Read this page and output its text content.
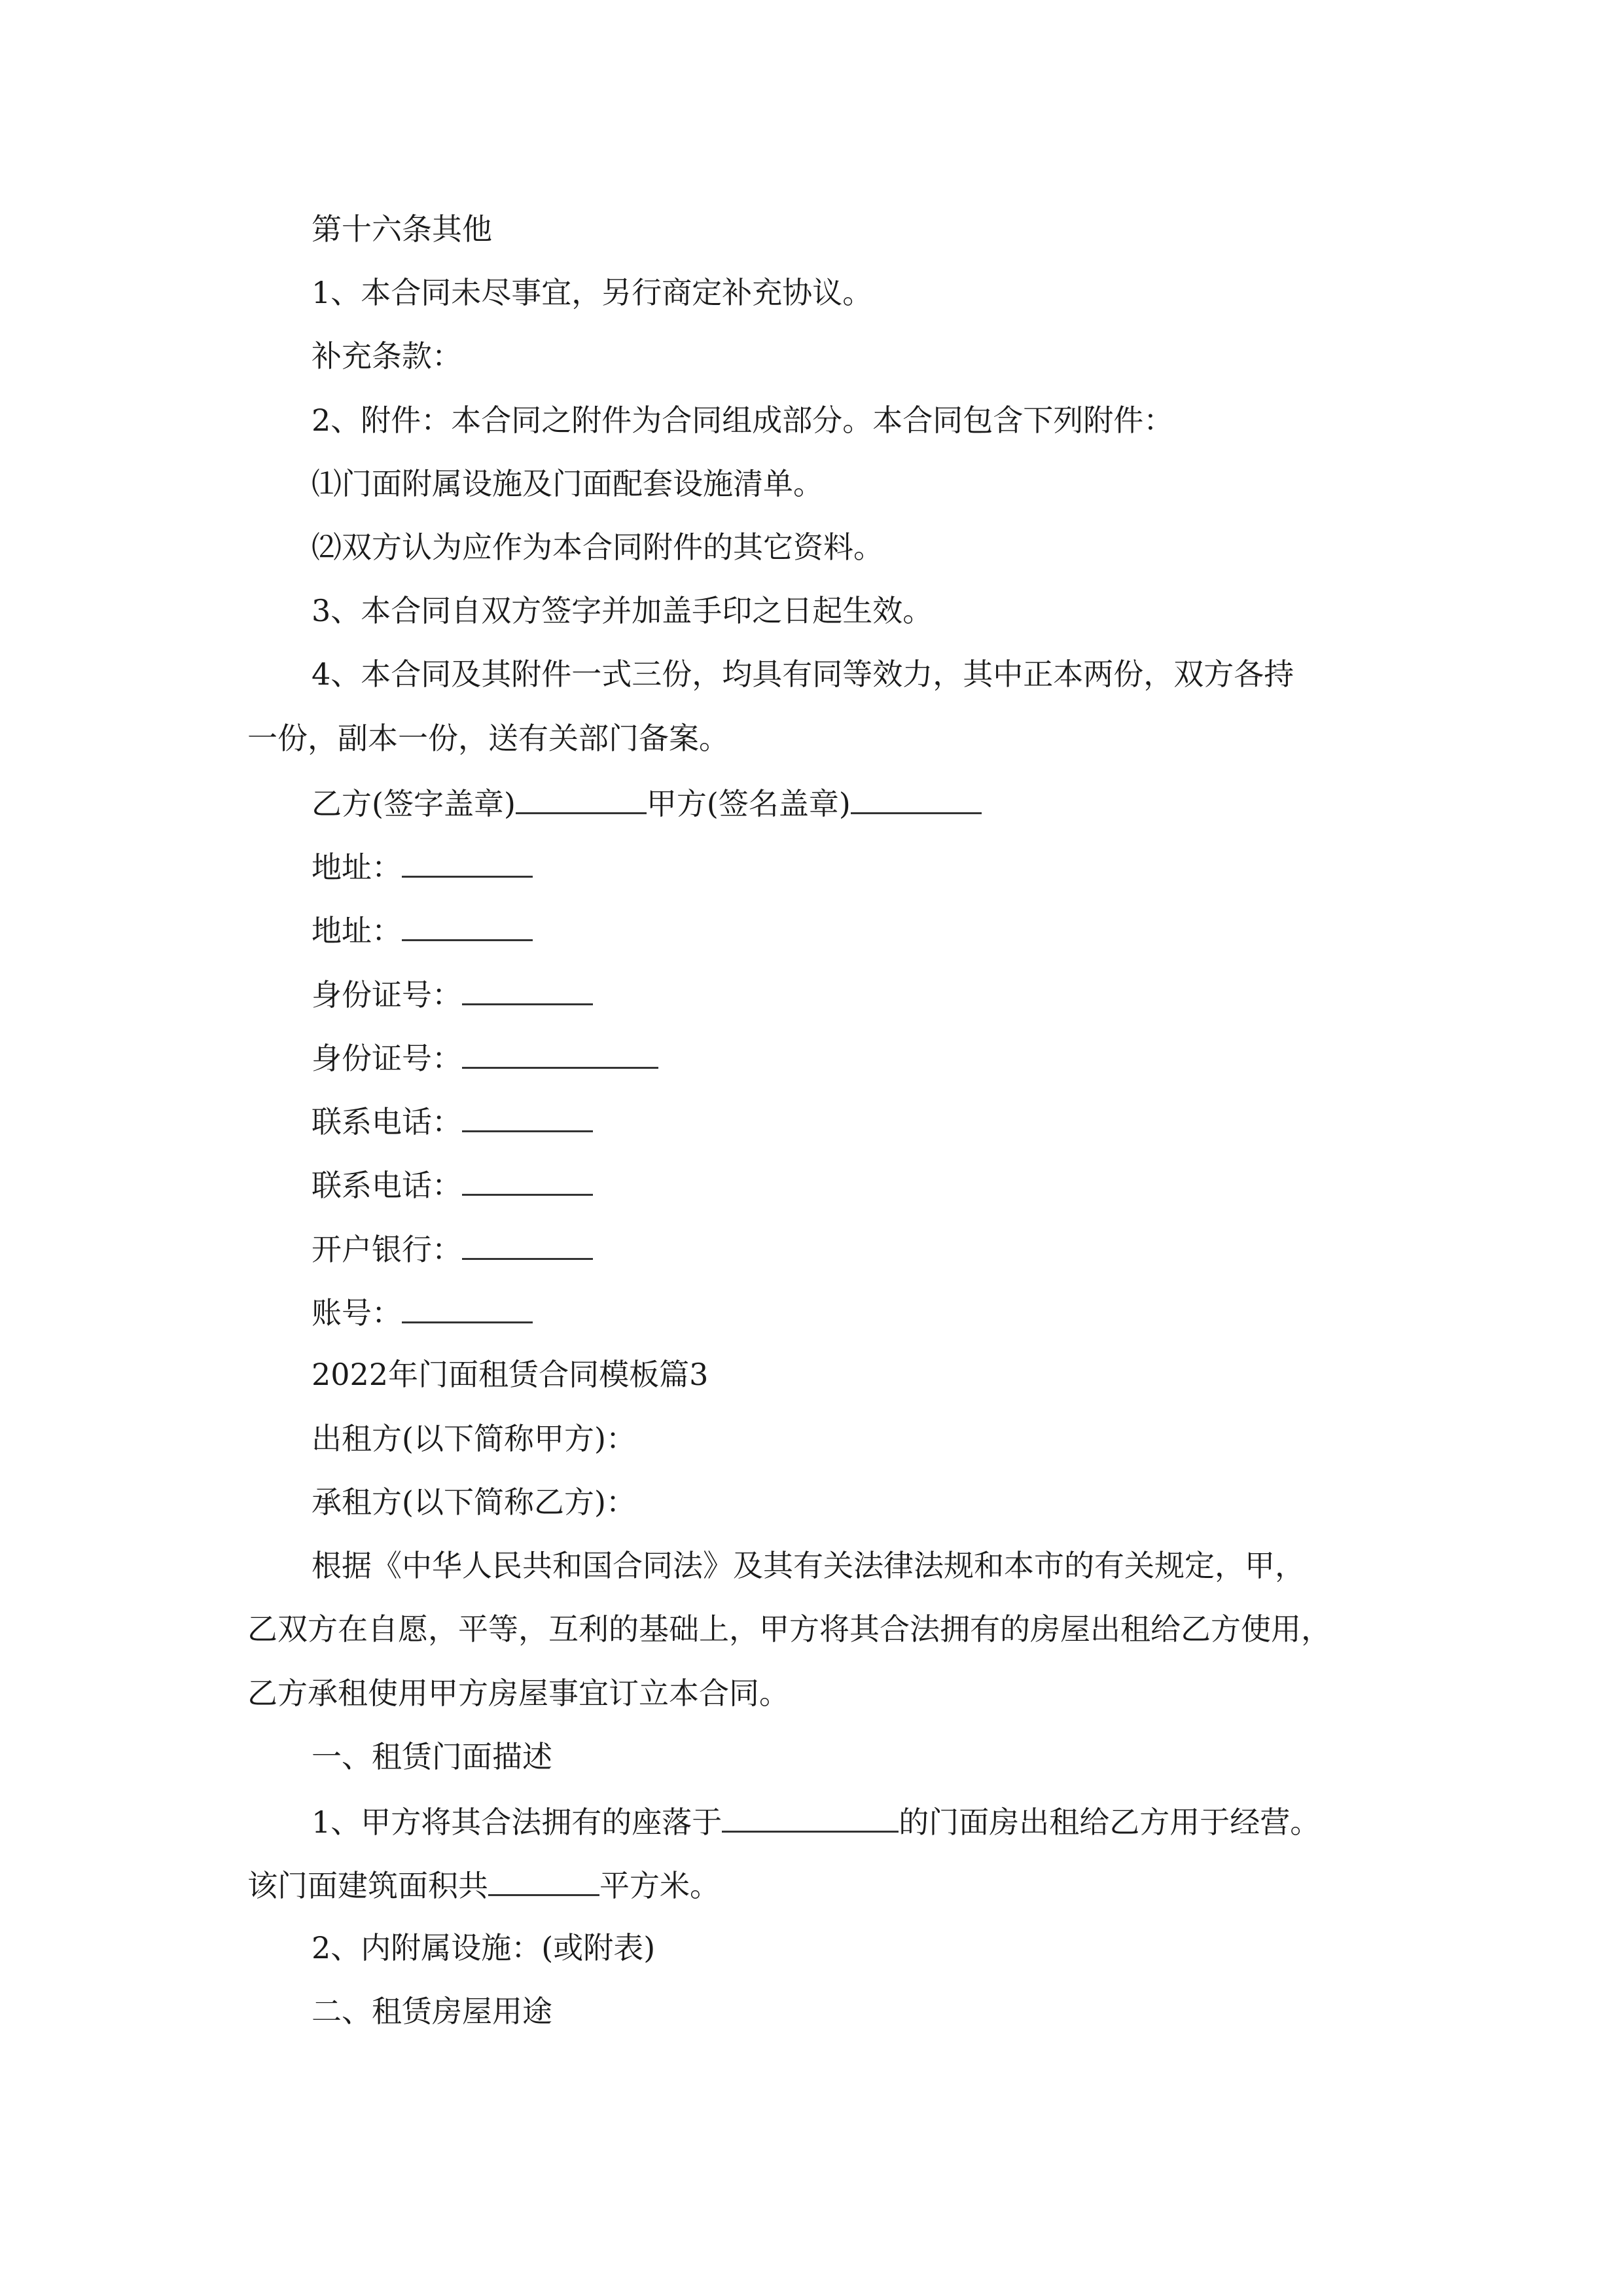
第十六条其他
1、本合同未尽事宜，另行商定补充协议。
补充条款：
2、附件：本合同之附件为合同组成部分。本合同包含下列附件：
⑴门面附属设施及门面配套设施清单。
⑵双方认为应作为本合同附件的其它资料。
3、本合同自双方签字并加盖手印之日起生效。
4、本合同及其附件一式三份，均具有同等效力，其中正本两份，双方各持
一份，副本一份，送有关部门备案。
乙方(签字盖章)	甲方(签名盖章)
地址：
地址：
身份证号：
身份证号：
联系电话：
联系电话：
开户银行：
账号：
2022年门面租赁合同模板篇3
出租方(以下简称甲方)：
承租方(以下简称乙方)：
根据《中华人民共和国合同法》及其有关法律法规和本市的有关规定，甲，
乙双方在自愿，平等，互利的基础上，甲方将其合法拥有的房屋出租给乙方使用，
乙方承租使用甲方房屋事宜订立本合同。
一、租赁门面描述
1、甲方将其合法拥有的座落于	的门面房出租给乙方用于经营。
该门面建筑面积共	平方米。
2、内附属设施：(或附表)
二、租赁房屋用途
